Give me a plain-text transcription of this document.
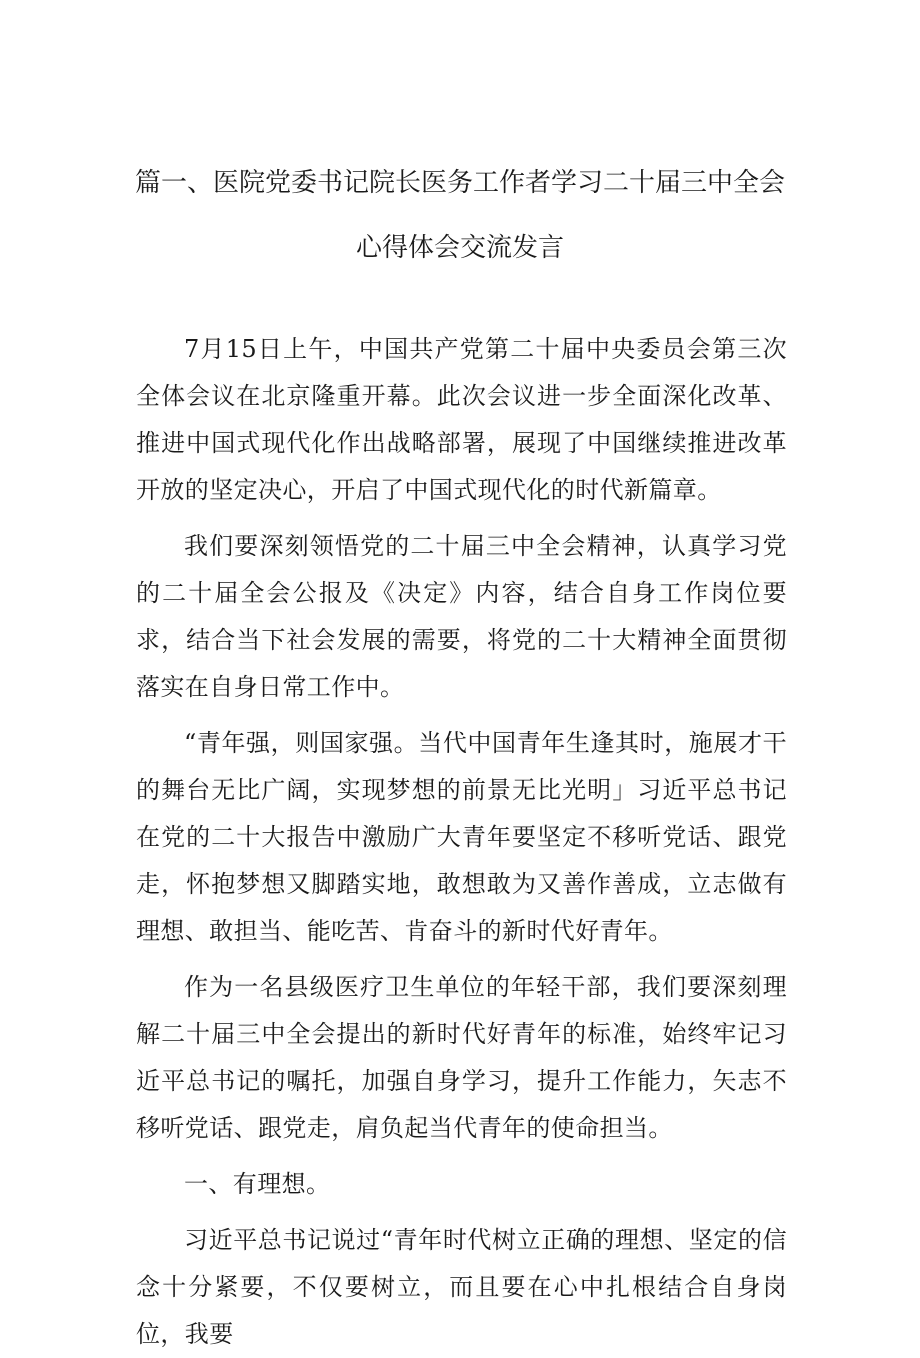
篇一、医院党委书记院长医务工作者学习二十届三中全会
心得体会交流发言

7月15日上午，中国共产党第二十届中央委员会第三次全体会议在北京隆重开幕。此次会议进一步全面深化改革、推进中国式现代化作出战略部署，展现了中国继续推进改革开放的坚定决心，开启了中国式现代化的时代新篇章。

我们要深刻领悟党的二十届三中全会精神，认真学习党的二十届全会公报及《决定》内容，结合自身工作岗位要求，结合当下社会发展的需要，将党的二十大精神全面贯彻落实在自身日常工作中。

“青年强，则国家强。当代中国青年生逢其时，施展才干的舞台无比广阔，实现梦想的前景无比光明」习近平总书记在党的二十大报告中激励广大青年要坚定不移听党话、跟党走，怀抱梦想又脚踏实地，敢想敢为又善作善成，立志做有理想、敢担当、能吃苦、肯奋斗的新时代好青年。

作为一名县级医疗卫生单位的年轻干部，我们要深刻理解二十届三中全会提出的新时代好青年的标准，始终牢记习近平总书记的嘱托，加强自身学习，提升工作能力，矢志不移听党话、跟党走，肩负起当代青年的使命担当。

一、有理想。

习近平总书记说过“青年时代树立正确的理想、坚定的信念十分紧要，不仅要树立，而且要在心中扎根结合自身岗位，我要
